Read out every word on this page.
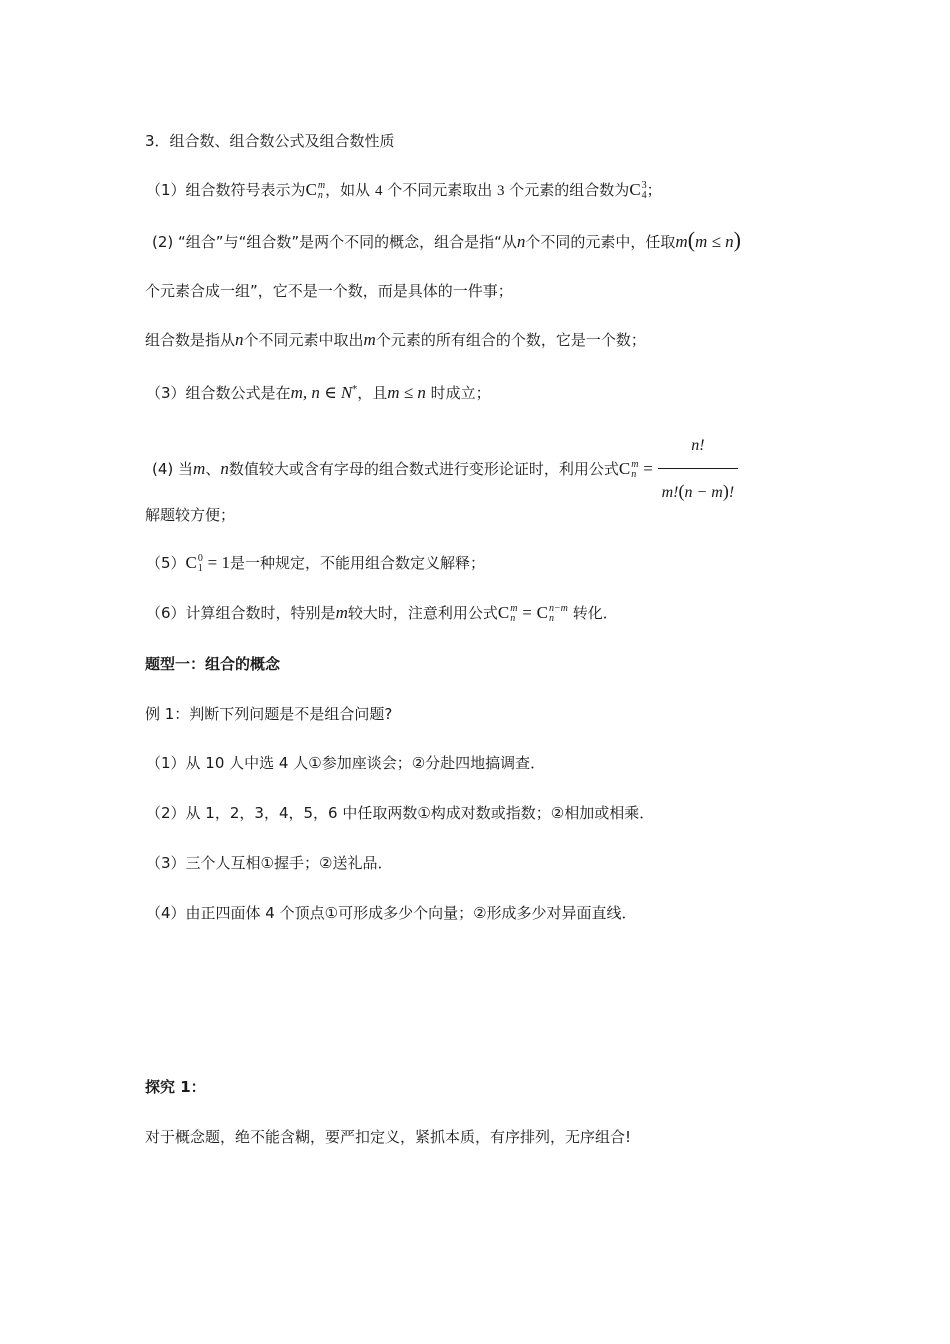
3．组合数、组合数公式及组合数性质
（1）组合数符号表示为C m
n ，如从 4 个不同元素取出 3 个元素的组合数为C 3
4 ；
(2) “组合”与“组合数”是两个不同的概念，组合是指“从n个不同的元素中，任取m(m ≤ n)
个元素合成一组”，它不是一个数，而是具体的一件事；
组合数是指从n个不同元素中取出m个元素的所有组合的个数，它是一个数；
（3）组合数公式是在m, n ∈ N*，且m ≤ n 时成立；
(4) 当m、n数值较大或含有字母的组合数式进行变形论证时，利用公式C m
$n = \frac{n!}{m!(n - m)!}$
解题较方便；
（5）C 0
1 = 1是一种规定，不能用组合数定义解释；
（6）计算组合数时，特别是m较大时，注意利用公式C m
n = C n−m
n	转化．
题型一：组合的概念
例 1：判断下列问题是不是组合问题?
（1）从 10 人中选 4 人①参加座谈会；②分赴四地搞调查．
（2）从 1，2，3，4，5，6 中任取两数①构成对数或指数；②相加或相乘．
（3）三个人互相①握手；②送礼品．
（4）由正四面体 4 个顶点①可形成多少个向量；②形成多少对异面直线．
探究 1：
对于概念题，绝不能含糊，要严扣定义，紧抓本质，有序排列，无序组合!
